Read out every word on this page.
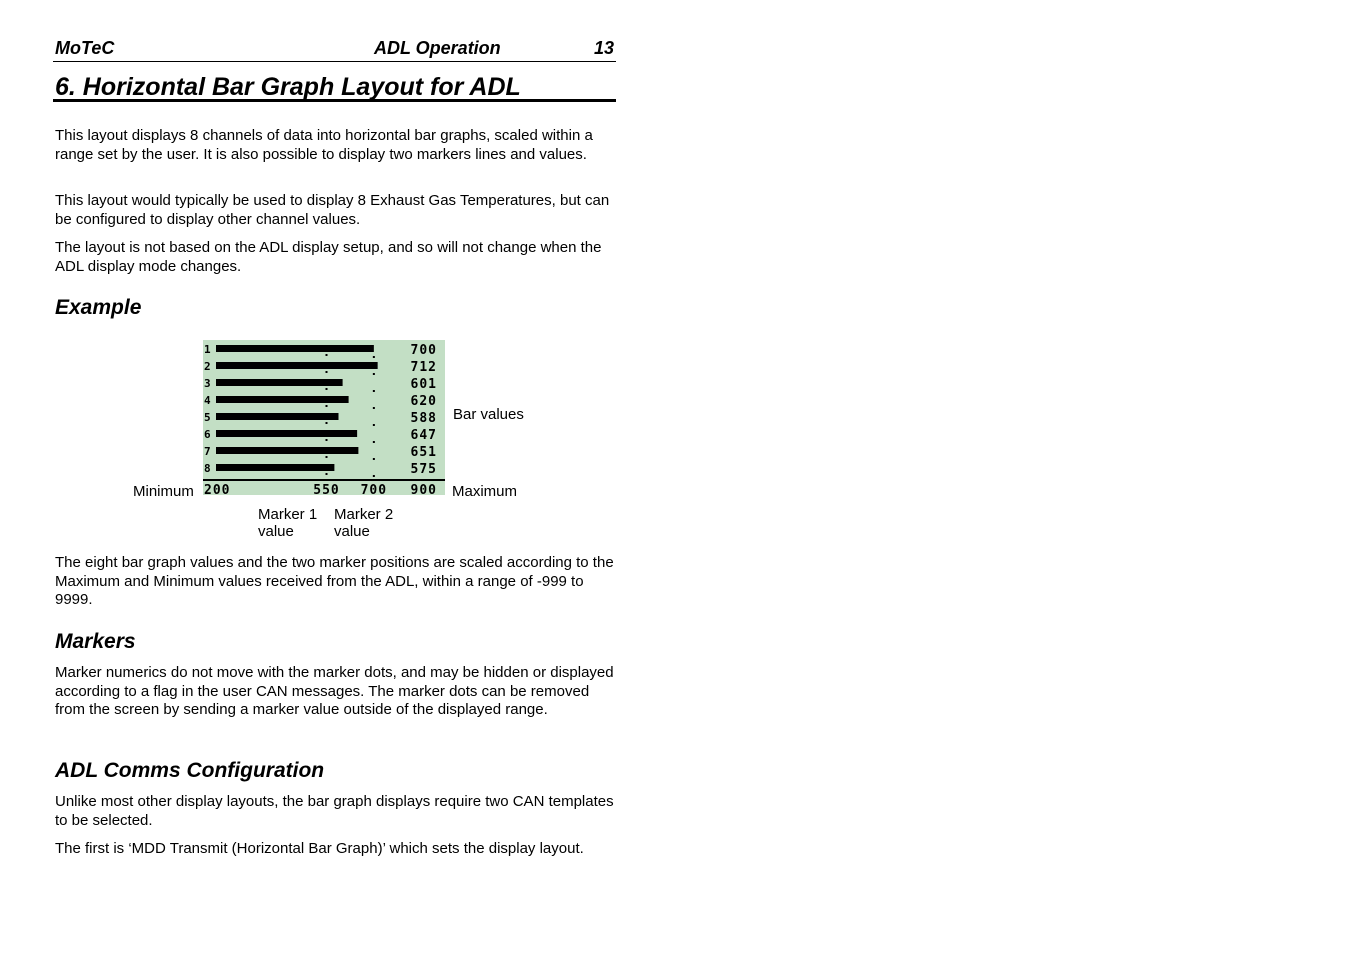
MoTeC	ADL Operation	13
6. Horizontal Bar Graph Layout for ADL

This layout displays 8 channels of data into horizontal bar graphs, scaled within a range set by the user. It is also possible to display two markers lines and values.

This layout would typically be used to display 8 Exhaust Gas Temperatures, but can be configured to display other channel values.

The layout is not based on the ADL display setup, and so will not change when the ADL display mode changes.

Example
1	700
2	712
3	601
4	620
5	588
6	647
7	651
8	575
200	550 700 900
Bar values
Minimum	Maximum
Marker 1
value
Marker 2
value

The eight bar graph values and the two marker positions are scaled according to the Maximum and Minimum values received from the ADL, within a range of -999 to 9999.

Markers

Marker numerics do not move with the marker dots, and may be hidden or displayed according to a flag in the user CAN messages. The marker dots can be removed from the screen by sending a marker value outside of the displayed range.

ADL Comms Configuration

Unlike most other display layouts, the bar graph displays require two CAN templates to be selected.

The first is ‘MDD Transmit (Horizontal Bar Graph)’ which sets the display layout.
